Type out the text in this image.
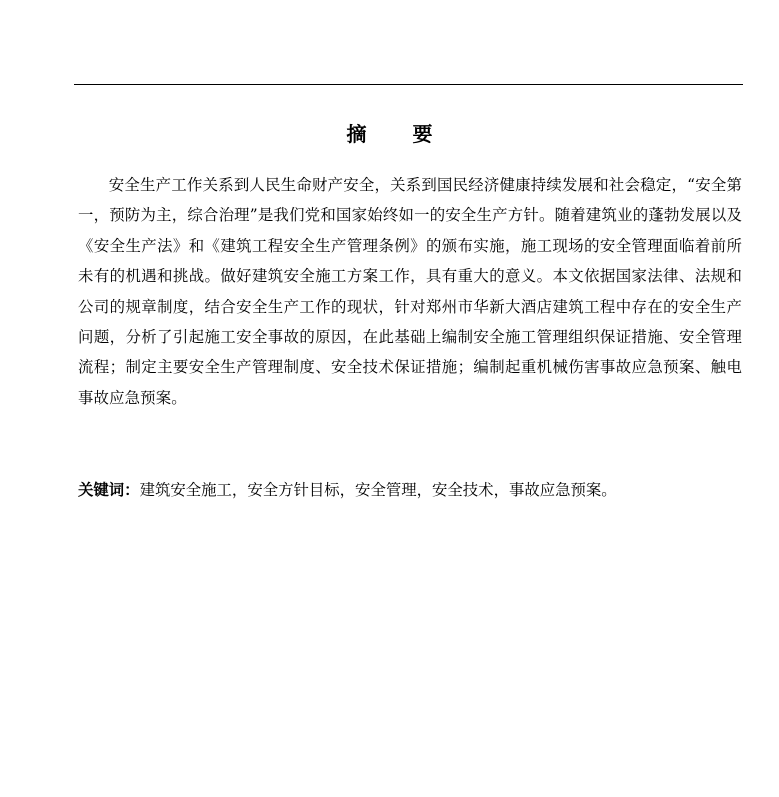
摘 要

安全生产工作关系到人民生命财产安全，关系到国民经济健康持续发展和社会稳定，“安全第一，预防为主，综合治理”是我们党和国家始终如一的安全生产方针。随着建筑业的蓬勃发展以及《安全生产法》和《建筑工程安全生产管理条例》的颁布实施，施工现场的安全管理面临着前所未有的机遇和挑战。做好建筑安全施工方案工作，具有重大的意义。本文依据国家法律、法规和公司的规章制度，结合安全生产工作的现状，针对郑州市华新大酒店建筑工程中存在的安全生产问题，分析了引起施工安全事故的原因，在此基础上编制安全施工管理组织保证措施、安全管理流程；制定主要安全生产管理制度、安全技术保证措施；编制起重机械伤害事故应急预案、触电事故应急预案。

关键词：建筑安全施工，安全方针目标，安全管理，安全技术，事故应急预案。
